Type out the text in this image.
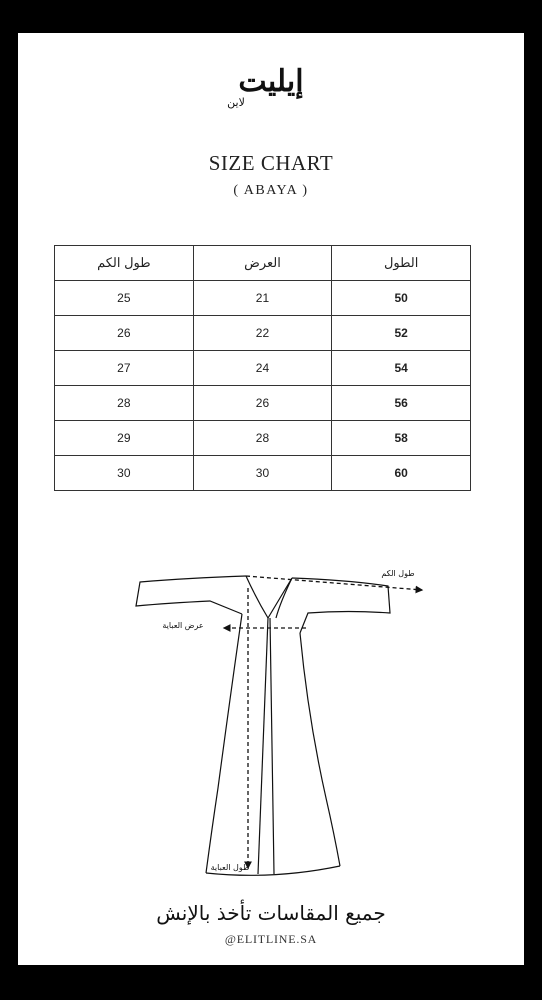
إيليت
لاين
SIZE CHART
( ABAYA )
طول الكم	العرض	الطول
25	21	50
26	22	52
27	24	54
28	26	56
29	28	58
30	30	60
طول الكم
عرض العباية
طول العباية
جميع المقاسات تأخذ بالإنش
@ELITLINE.SA
